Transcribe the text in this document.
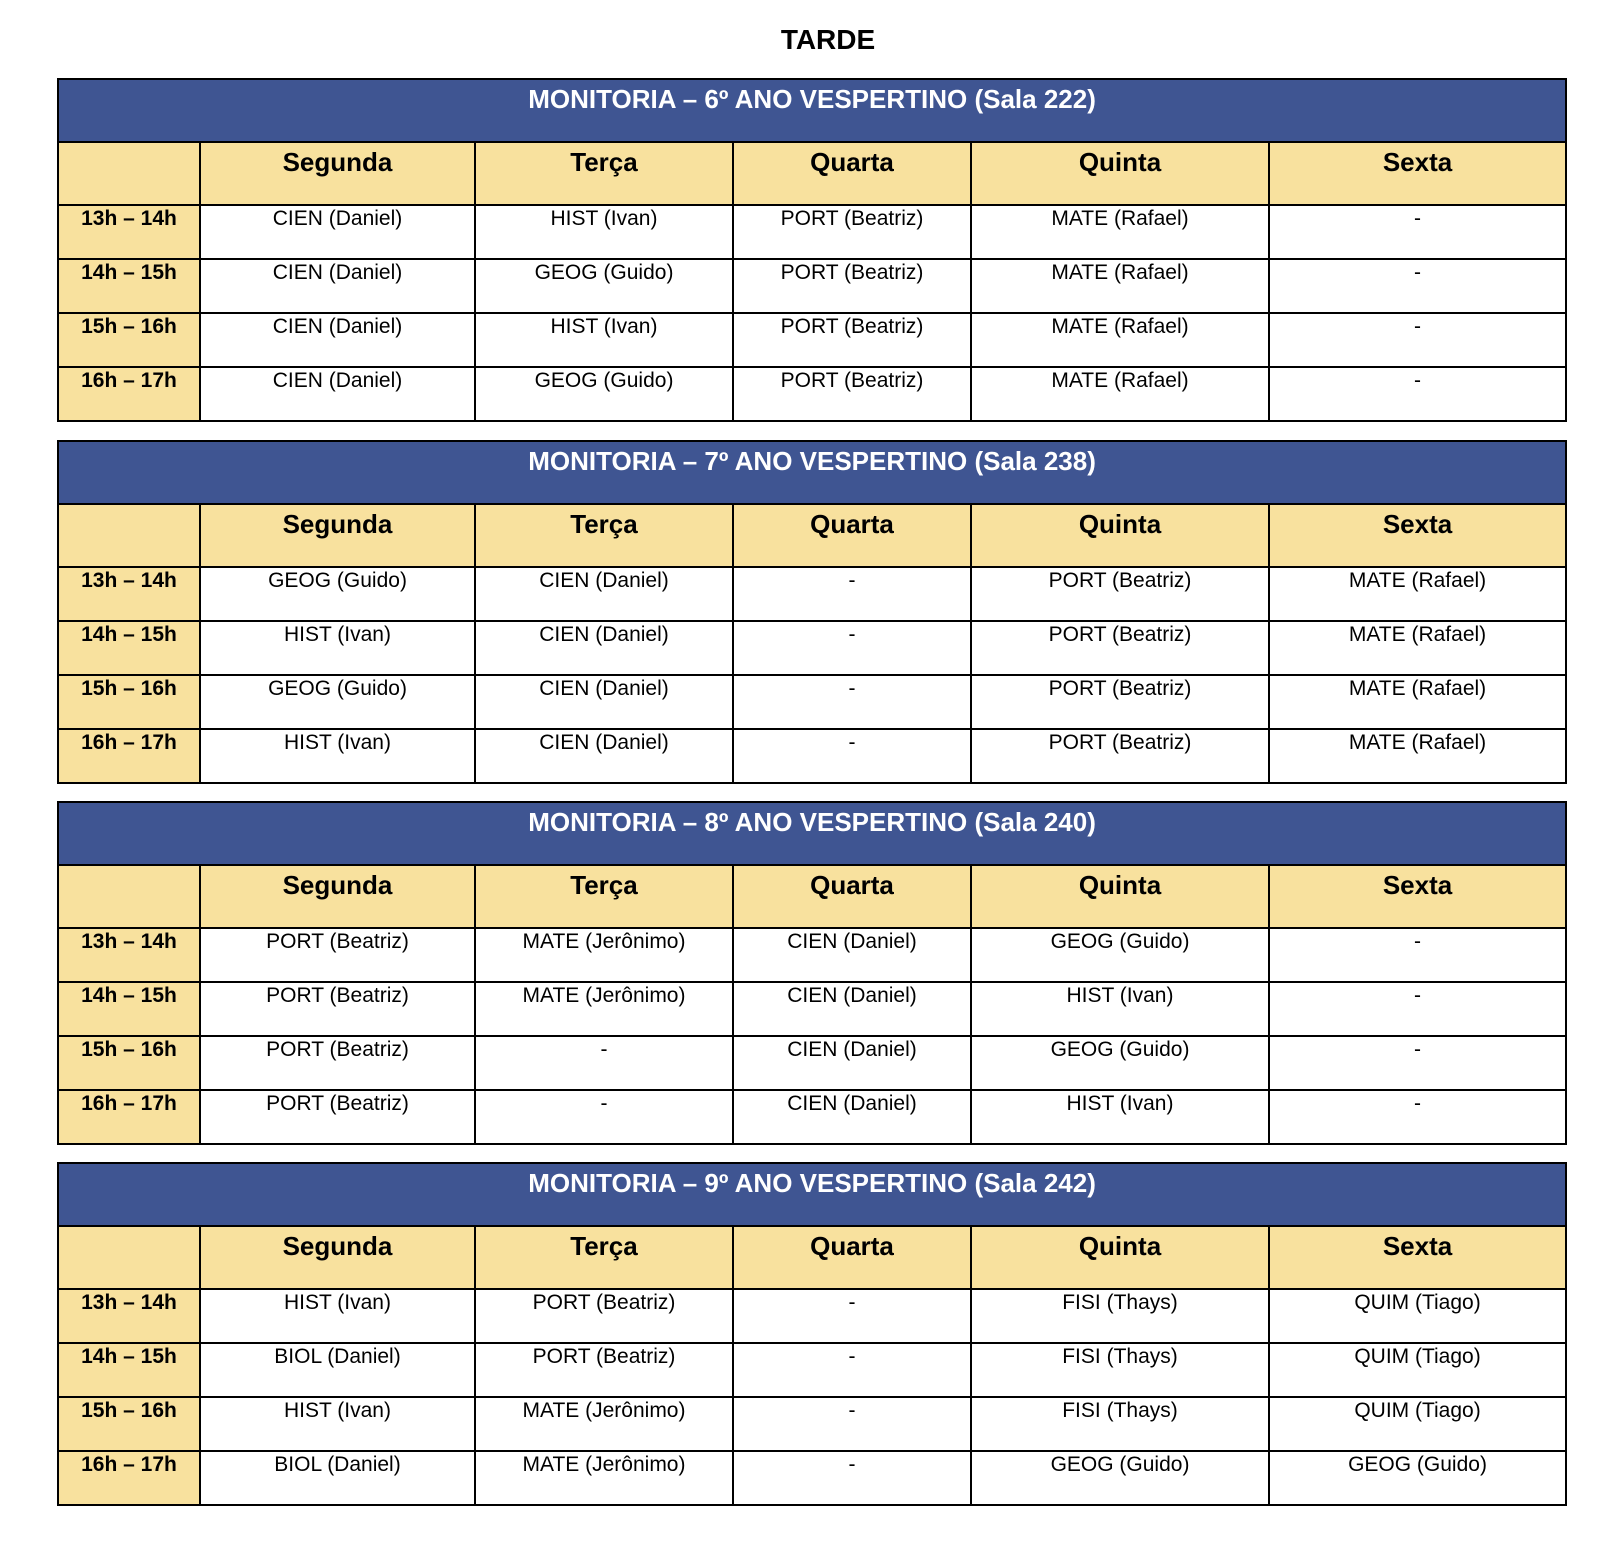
TARDE
MONITORIA – 6º ANO VESPERTINO (Sala 222)					
	Segunda	Terça	Quarta	Quinta	Sexta
13h – 14h	CIEN (Daniel)	HIST (Ivan)	PORT (Beatriz)	MATE (Rafael)	-
14h – 15h	CIEN (Daniel)	GEOG (Guido)	PORT (Beatriz)	MATE (Rafael)	-
15h – 16h	CIEN (Daniel)	HIST (Ivan)	PORT (Beatriz)	MATE (Rafael)	-
16h – 17h	CIEN (Daniel)	GEOG (Guido)	PORT (Beatriz)	MATE (Rafael)	-
MONITORIA – 7º ANO VESPERTINO (Sala 238)					
	Segunda	Terça	Quarta	Quinta	Sexta
13h – 14h	GEOG (Guido)	CIEN (Daniel)	-	PORT (Beatriz)	MATE (Rafael)
14h – 15h	HIST (Ivan)	CIEN (Daniel)	-	PORT (Beatriz)	MATE (Rafael)
15h – 16h	GEOG (Guido)	CIEN (Daniel)	-	PORT (Beatriz)	MATE (Rafael)
16h – 17h	HIST (Ivan)	CIEN (Daniel)	-	PORT (Beatriz)	MATE (Rafael)
MONITORIA – 8º ANO VESPERTINO (Sala 240)					
	Segunda	Terça	Quarta	Quinta	Sexta
13h – 14h	PORT (Beatriz)	MATE (Jerônimo)	CIEN (Daniel)	GEOG (Guido)	-
14h – 15h	PORT (Beatriz)	MATE (Jerônimo)	CIEN (Daniel)	HIST (Ivan)	-
15h – 16h	PORT (Beatriz)	-	CIEN (Daniel)	GEOG (Guido)	-
16h – 17h	PORT (Beatriz)	-	CIEN (Daniel)	HIST (Ivan)	-
MONITORIA – 9º ANO VESPERTINO (Sala 242)					
	Segunda	Terça	Quarta	Quinta	Sexta
13h – 14h	HIST (Ivan)	PORT (Beatriz)	-	FISI (Thays)	QUIM (Tiago)
14h – 15h	BIOL (Daniel)	PORT (Beatriz)	-	FISI (Thays)	QUIM (Tiago)
15h – 16h	HIST (Ivan)	MATE (Jerônimo)	-	FISI (Thays)	QUIM (Tiago)
16h – 17h	BIOL (Daniel)	MATE (Jerônimo)	-	GEOG (Guido)	GEOG (Guido)
